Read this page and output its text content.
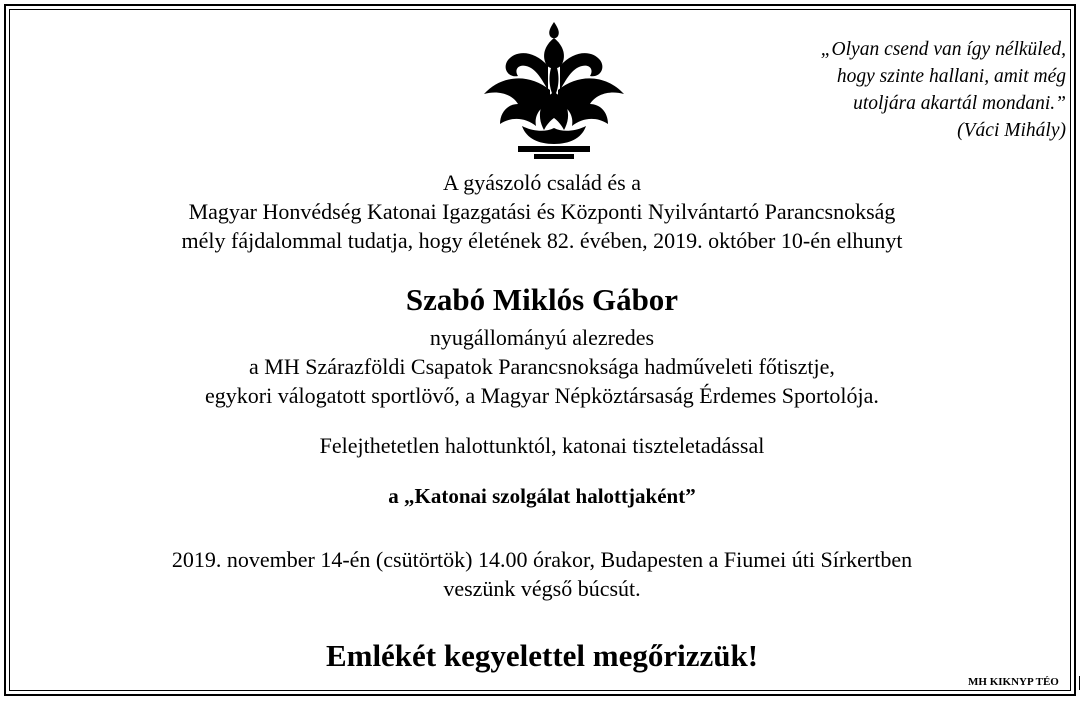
„Olyan csend van így nélküled,
hogy szinte hallani, amit még
utoljára akartál mondani.”
(Váci Mihály)
A gyászoló család és a
Magyar Honvédség Katonai Igazgatási és Központi Nyilvántartó Parancsnokság
mély fájdalommal tudatja, hogy életének 82. évében, 2019. október 10-én elhunyt
Szabó Miklós Gábor
nyugállományú alezredes
a MH Szárazföldi Csapatok Parancsnoksága hadműveleti főtisztje,
egykori válogatott sportlövő, a Magyar Népköztársaság Érdemes Sportolója.
Felejthetetlen halottunktól, katonai tiszteletadással
a „Katonai szolgálat halottjaként”
2019. november 14-én (csütörtök) 14.00 órakor, Budapesten a Fiumei úti Sírkertben
veszünk végső búcsút.
Emlékét kegyelettel megőrizzük!
MH KIKNYP TÉO
